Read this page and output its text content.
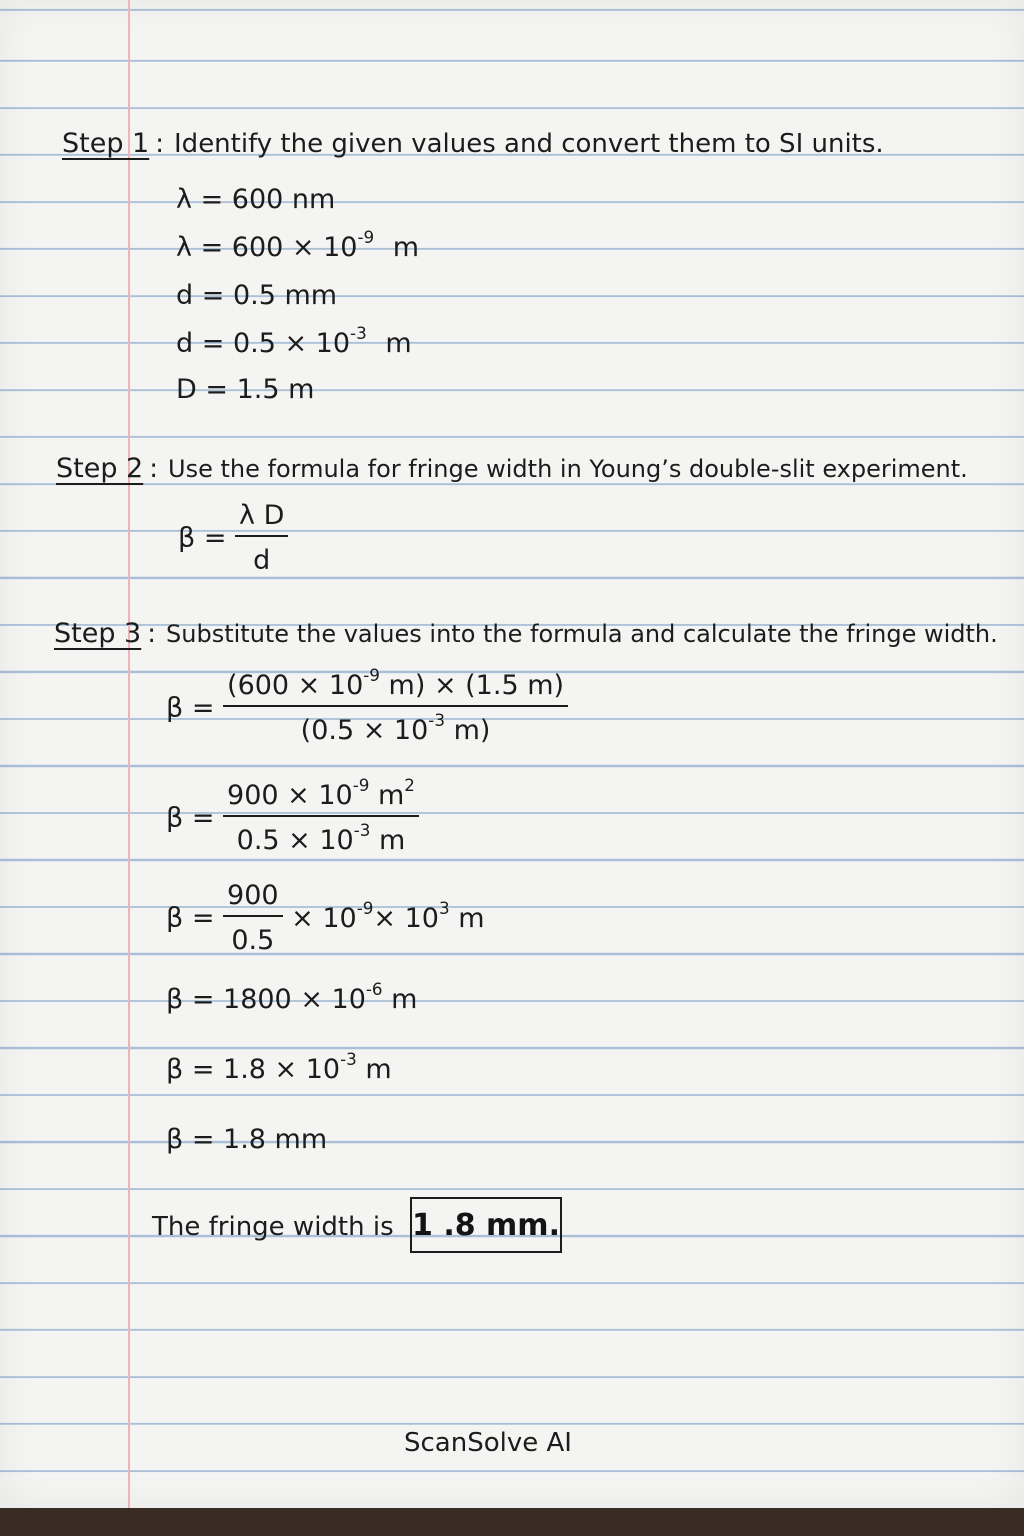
Step 1 : Identify the given values and convert them to SI units.
λ = 600 nm
$\lambda = 600 \times 10^{-9}$ m
d = 0.5 mm
$d = 0.5 \times 10^{-3}$ m
D = 1.5 m
Step 2 : Use the formula for fringe width in Young’s double-slit experiment.
$\beta = \frac{\text{λ D}}{d}$
Step 3 : Substitute the values into the formula and calculate the fringe width.
$\beta = \frac{(600 \times 10^{-9} m) \times (1.5 m)}{(0.5 \times 10^{-3} m)}$
$\beta = \frac{900 \times 10^{-9} m^2}{0.5 \times 10^{-3} m}$
$\beta = \frac{900}{0.5} \times 10^{-9}\times 10^3$ m
$\beta = 1800 \times 10^{-6}$ m
$\beta = 1.8 \times 10^{-3}$ m
β = 1.8 mm
The fringe width is 1 .8 mm.
ScanSolve AI
